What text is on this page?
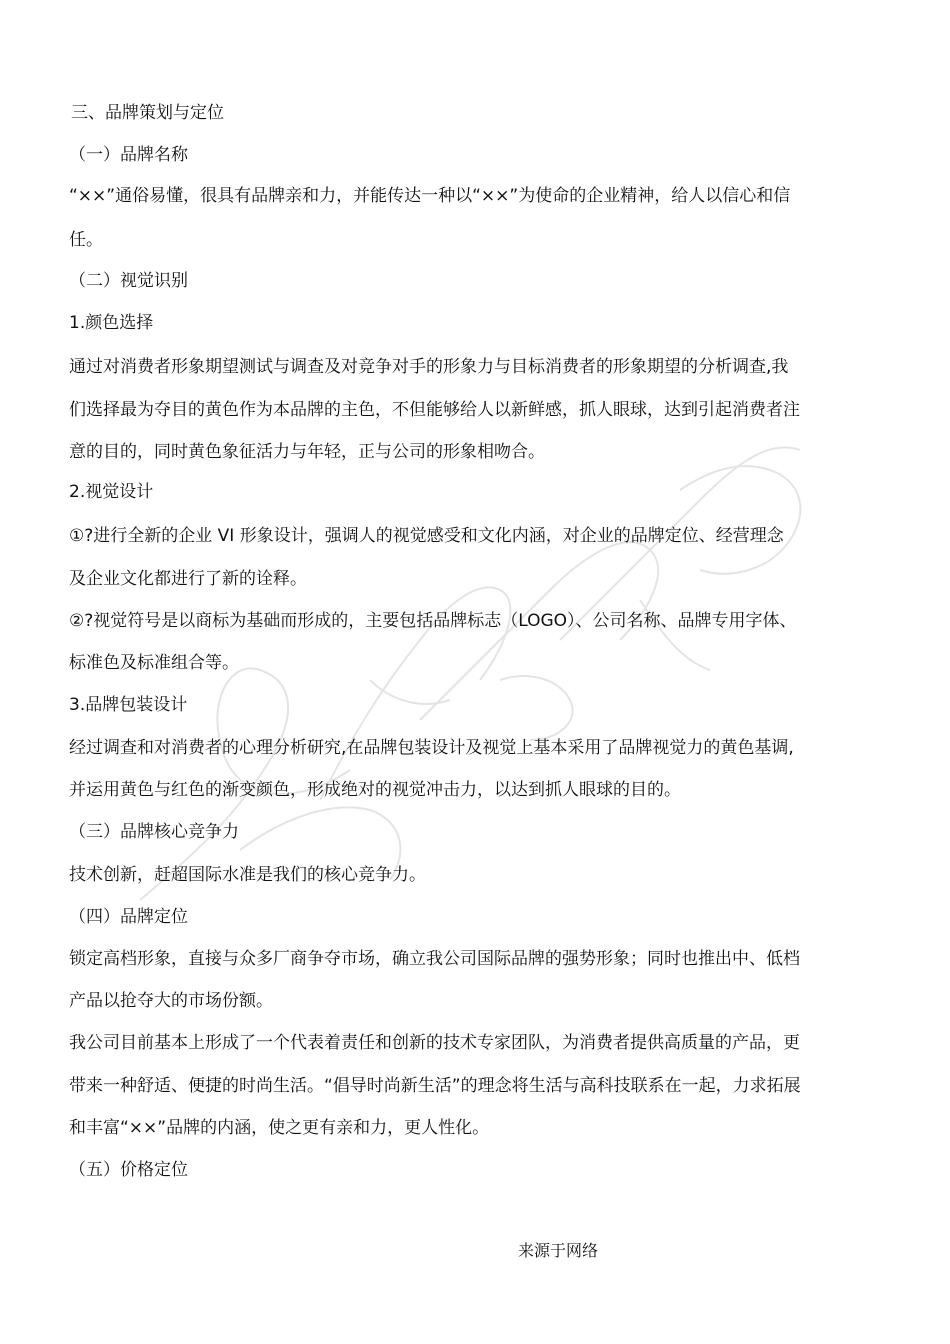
三、品牌策划与定位
（一）品牌名称
“××”通俗易懂，很具有品牌亲和力，并能传达一种以“××”为使命的企业精神，给人以信心和信
任。
（二）视觉识别
1.颜色选择
通过对消费者形象期望测试与调查及对竞争对手的形象力与目标消费者的形象期望的分析调查,我
们选择最为夺目的黄色作为本品牌的主色，不但能够给人以新鲜感，抓人眼球，达到引起消费者注
意的目的，同时黄色象征活力与年轻，正与公司的形象相吻合。
2.视觉设计
①?进行全新的企业 VI 形象设计，强调人的视觉感受和文化内涵，对企业的品牌定位、经营理念
及企业文化都进行了新的诠释。
②?视觉符号是以商标为基础而形成的，主要包括品牌标志（LOGO）、公司名称、品牌专用字体、
标准色及标准组合等。
3.品牌包装设计
经过调查和对消费者的心理分析研究,在品牌包装设计及视觉上基本采用了品牌视觉力的黄色基调,
并运用黄色与红色的渐变颜色，形成绝对的视觉冲击力，以达到抓人眼球的目的。
（三）品牌核心竞争力
技术创新，赶超国际水准是我们的核心竞争力。
（四）品牌定位
锁定高档形象，直接与众多厂商争夺市场，确立我公司国际品牌的强势形象；同时也推出中、低档
产品以抢夺大的市场份额。
我公司目前基本上形成了一个代表着责任和创新的技术专家团队，为消费者提供高质量的产品，更
带来一种舒适、便捷的时尚生活。“倡导时尚新生活”的理念将生活与高科技联系在一起，力求拓展
和丰富“××”品牌的内涵，使之更有亲和力，更人性化。
（五）价格定位
来源于网络
